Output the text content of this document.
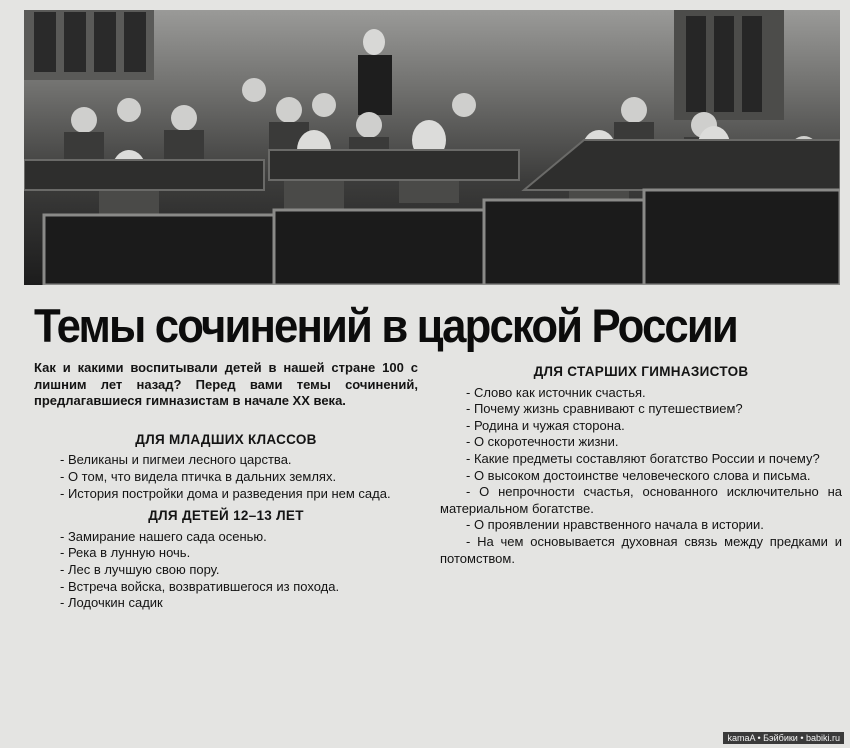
Темы сочинений в царской России

Как и какими воспитывали детей в нашей стране 100 с лишним лет назад? Перед вами темы сочинений, предлагавшиеся гимназистам в начале XX века.

ДЛЯ МЛАДШИХ КЛАССОВ
- Великаны и пигмеи лесного царства.
- О том, что видела птичка в дальних землях.
- История постройки дома и разведения при нем сада.
ДЛЯ ДЕТЕЙ 12–13 ЛЕТ
- Замирание нашего сада осенью.
- Река в лунную ночь.
- Лес в лучшую свою пору.
- Встреча войска, возвратившегося из похода.
- Лодочкин садик
ДЛЯ СТАРШИХ ГИМНАЗИСТОВ
- Слово как источник счастья.
- Почему жизнь сравнивают с путешествием?
- Родина и чужая сторона.
- О скоротечности жизни.
- Какие предметы составляют богатство России и почему?
- О высоком достоинстве человеческого слова и письма.
- О непрочности счастья, основанного исключительно на материальном богатстве.
- О проявлении нравственного начала в истории.
- На чем основывается духовная связь между предками и потомством.
kamaA • Бэйбики • babiki.ru
